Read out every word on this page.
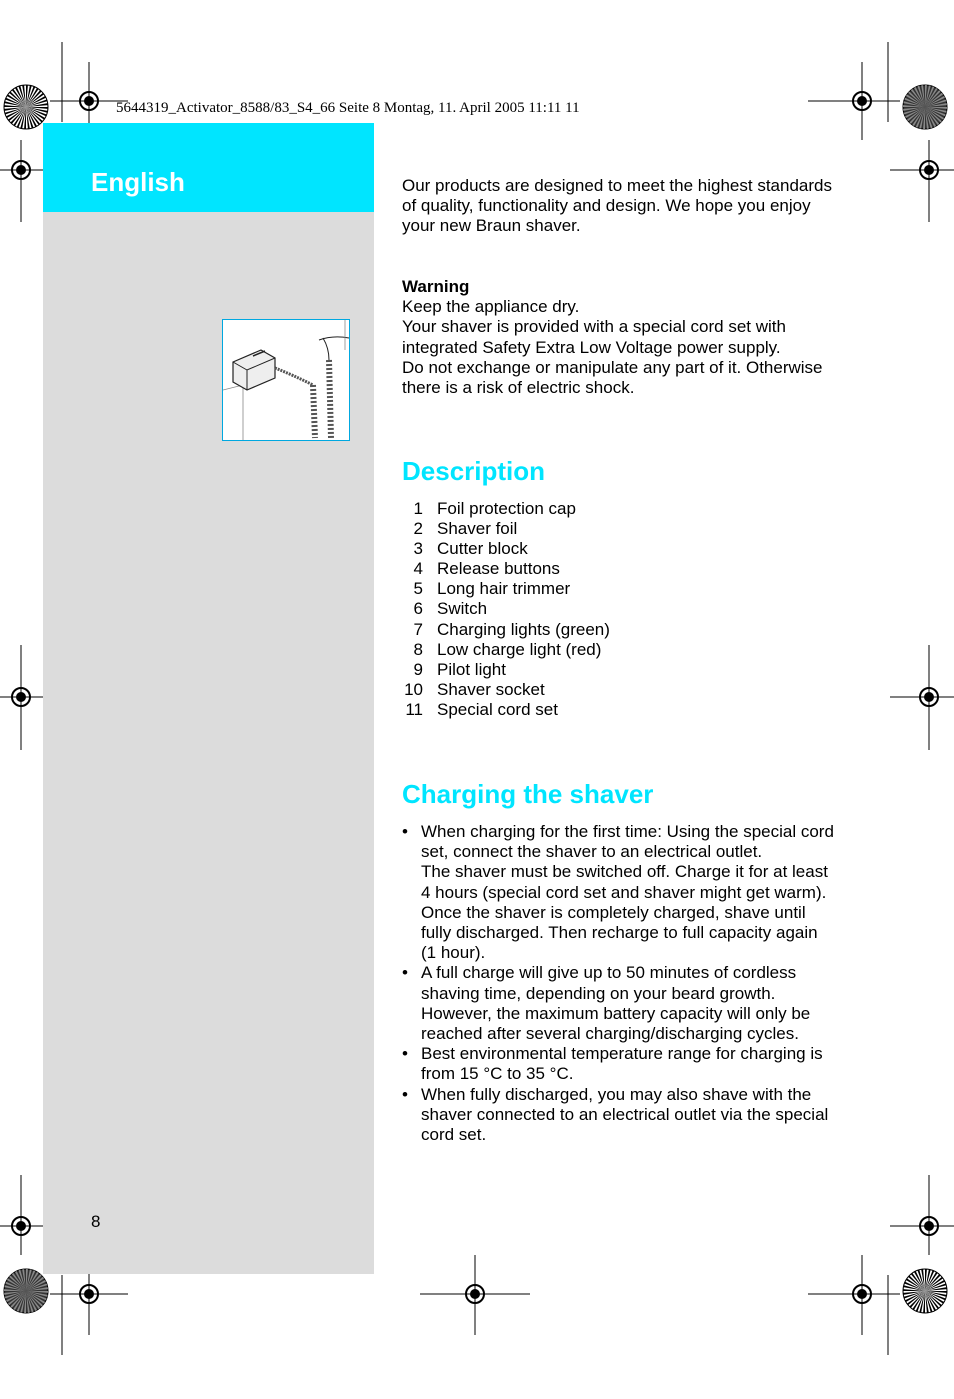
5644319_Activator_8588/83_S4_66 Seite 8 Montag, 11. April 2005 11:11 11
English	Our products are designed to meet the highest standards
of quality, functionality and design. We hope you enjoy
your new Braun shaver.
Warning
Keep the appliance dry.
Your shaver is provided with a special cord set with
integrated Safety Extra Low Voltage power supply.
Do not exchange or manipulate any part of it. Otherwise
there is a risk of electric shock.
Description
1 Foil protection cap
2 Shaver foil
3 Cutter block
4 Release buttons
5 Long hair trimmer
6 Switch
7 Charging lights (green)
8 Low charge light (red)
9 Pilot light
10 Shaver socket
11 Special cord set
Charging the shaver
• When charging for the first time: Using the special cord
set, connect the shaver to an electrical outlet.
The shaver must be switched off. Charge it for at least
4 hours (special cord set and shaver might get warm).
Once the shaver is completely charged, shave until
fully discharged. Then recharge to full capacity again
(1 hour).
• A full charge will give up to 50 minutes of cordless
shaving time, depending on your beard growth.
However, the maximum battery capacity will only be
reached after several charging/discharging cycles.
• Best environmental temperature range for charging is
from 15 °C to 35 °C.
• When fully discharged, you may also shave with the
shaver connected to an electrical outlet via the special
cord set.
8
